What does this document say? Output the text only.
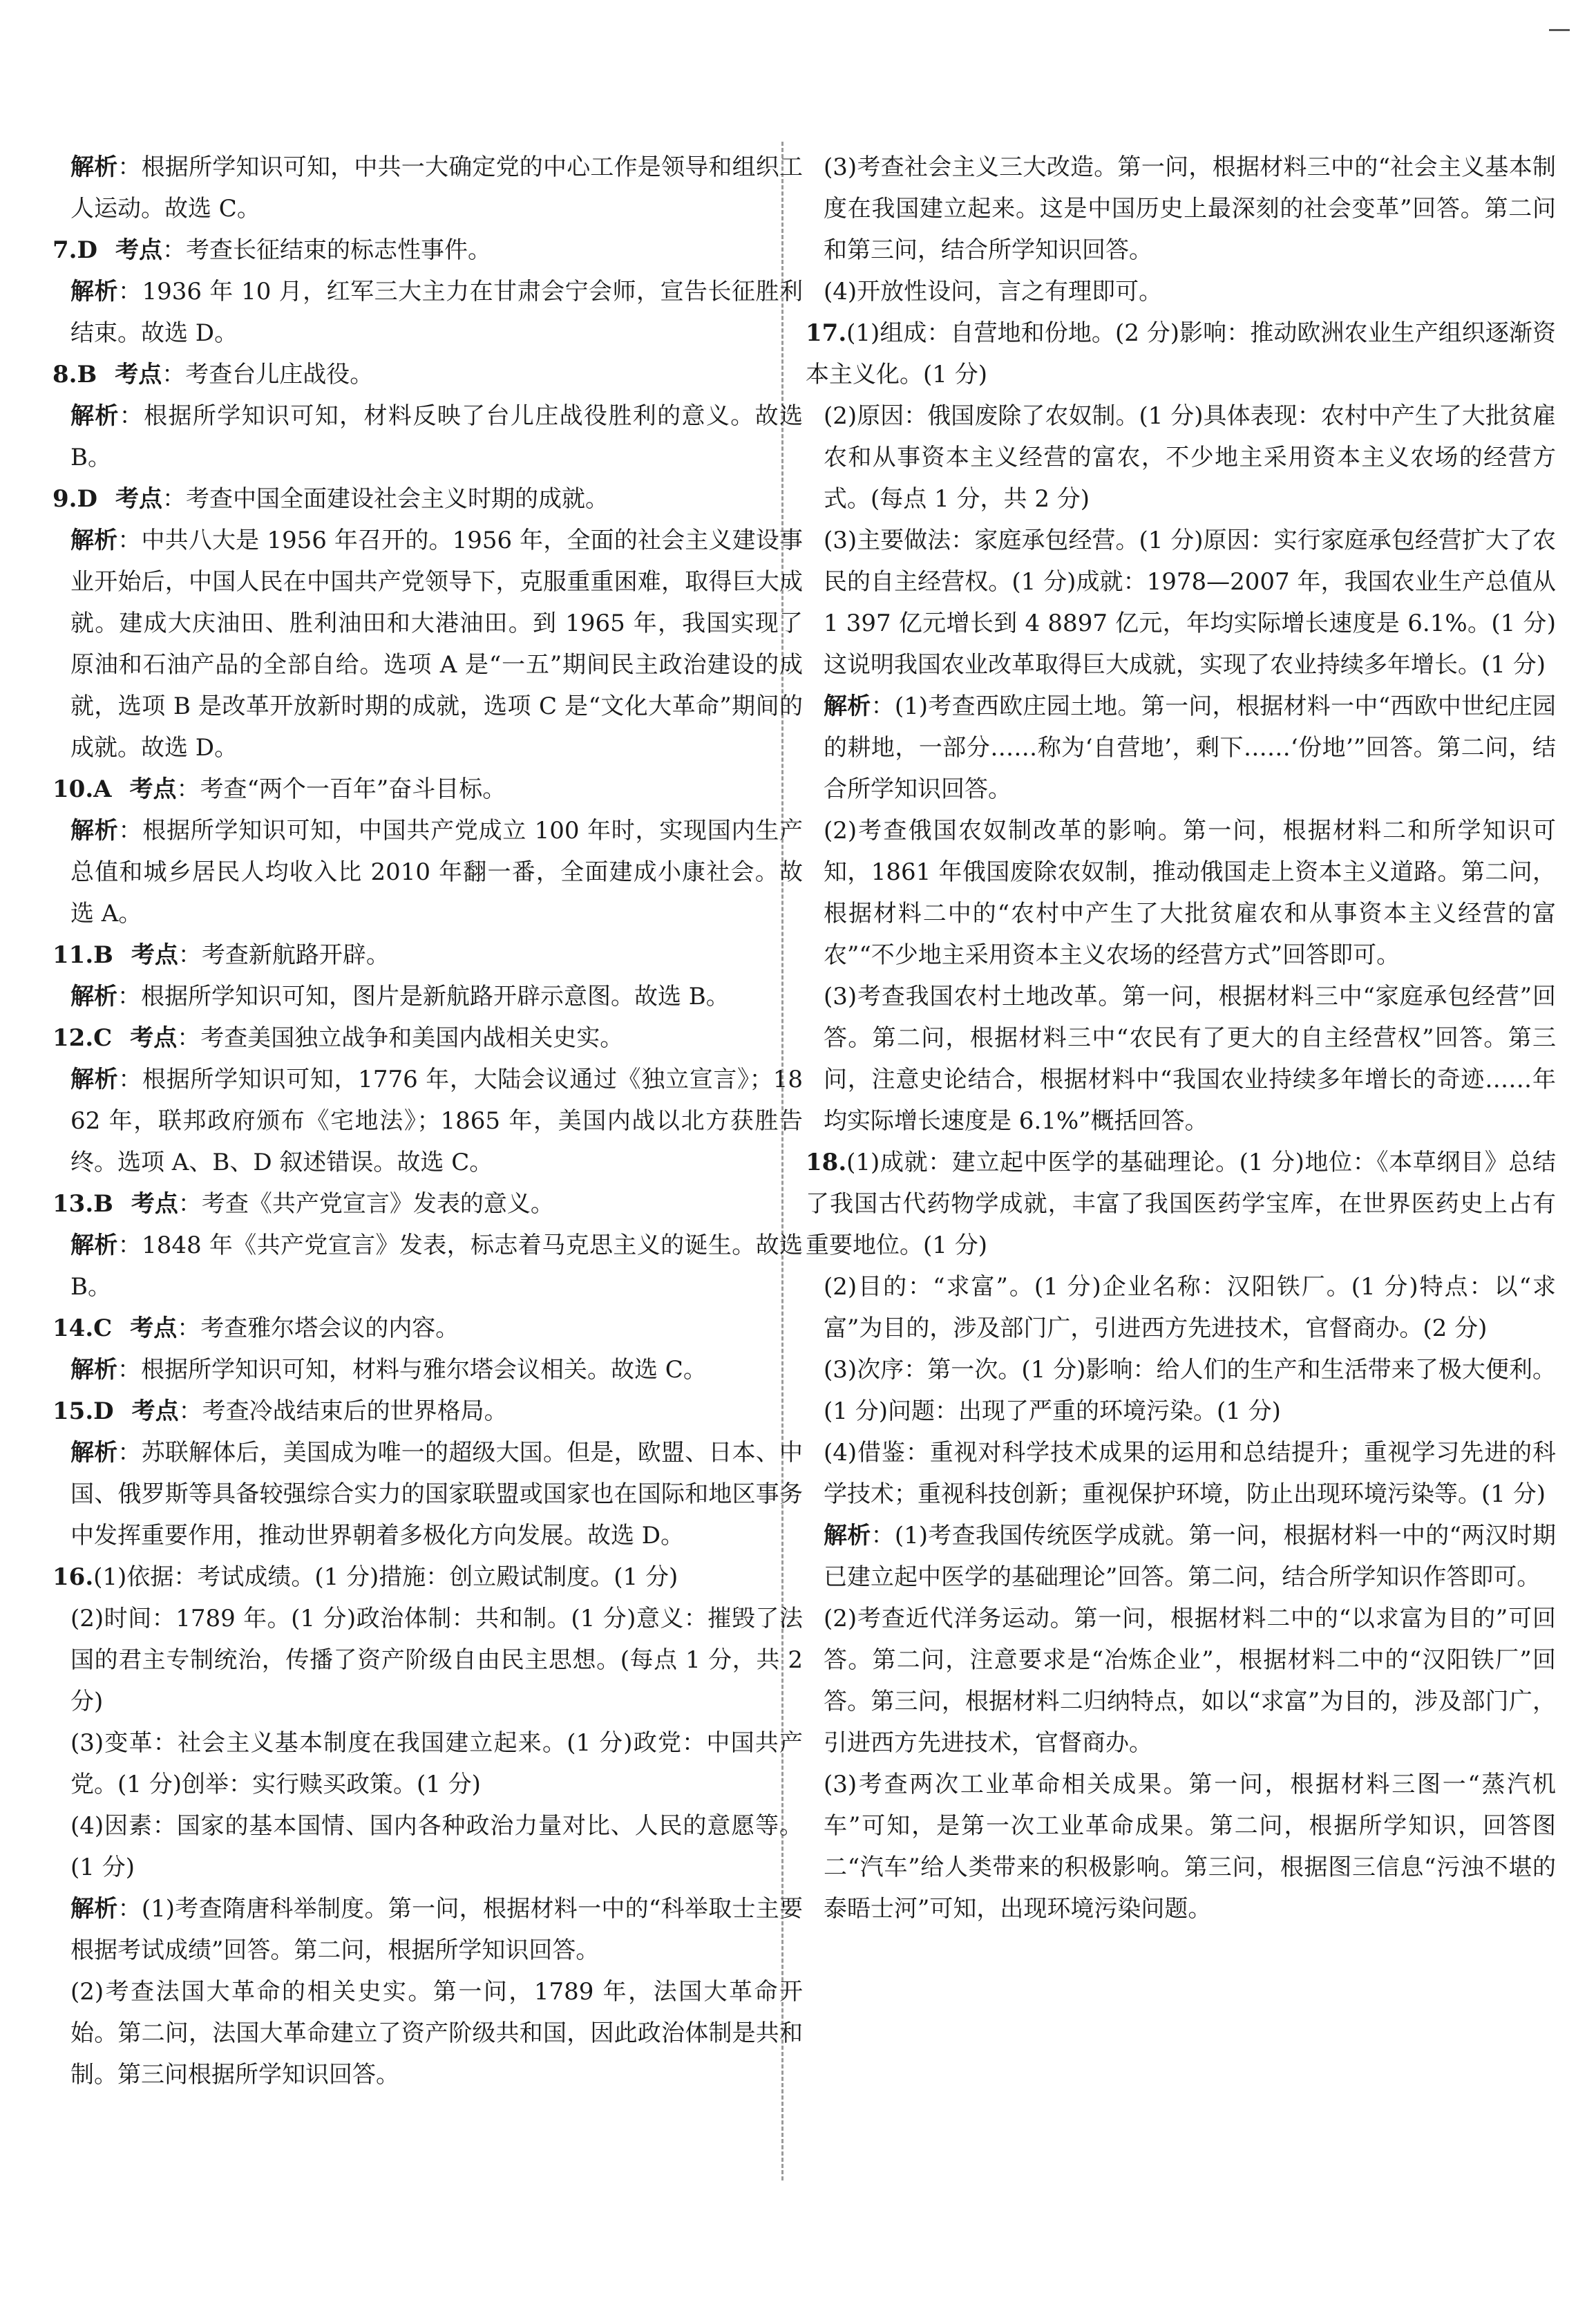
解析：根据所学知识可知，中共一大确定党的中心工作是领导和组织工人运动。故选 C。

7.D 考点：考查长征结束的标志性事件。

解析：1936 年 10 月，红军三大主力在甘肃会宁会师，宣告长征胜利结束。故选 D。

8.B 考点：考查台儿庄战役。

解析：根据所学知识可知，材料反映了台儿庄战役胜利的意义。故选 B。

9.D 考点：考查中国全面建设社会主义时期的成就。

解析：中共八大是 1956 年召开的。1956 年，全面的社会主义建设事业开始后，中国人民在中国共产党领导下，克服重重困难，取得巨大成就。建成大庆油田、胜利油田和大港油田。到 1965 年，我国实现了原油和石油产品的全部自给。选项 A 是“一五”期间民主政治建设的成就，选项 B 是改革开放新时期的成就，选项 C 是“文化大革命”期间的成就。故选 D。

10.A 考点：考查“两个一百年”奋斗目标。

解析：根据所学知识可知，中国共产党成立 100 年时，实现国内生产总值和城乡居民人均收入比 2010 年翻一番，全面建成小康社会。故选 A。

11.B 考点：考查新航路开辟。

解析：根据所学知识可知，图片是新航路开辟示意图。故选 B。

12.C 考点：考查美国独立战争和美国内战相关史实。

解析：根据所学知识可知，1776 年，大陆会议通过《独立宣言》；1862 年，联邦政府颁布《宅地法》；1865 年，美国内战以北方获胜告终。选项 A、B、D 叙述错误。故选 C。

13.B 考点：考查《共产党宣言》发表的意义。

解析：1848 年《共产党宣言》发表，标志着马克思主义的诞生。故选 B。

14.C 考点：考查雅尔塔会议的内容。

解析：根据所学知识可知，材料与雅尔塔会议相关。故选 C。

15.D 考点：考查冷战结束后的世界格局。

解析：苏联解体后，美国成为唯一的超级大国。但是，欧盟、日本、中国、俄罗斯等具备较强综合实力的国家联盟或国家也在国际和地区事务中发挥重要作用，推动世界朝着多极化方向发展。故选 D。

16.(1)依据：考试成绩。(1 分)措施：创立殿试制度。(1 分)

(2)时间：1789 年。(1 分)政治体制：共和制。(1 分)意义：摧毁了法国的君主专制统治，传播了资产阶级自由民主思想。(每点 1 分，共 2 分)

(3)变革：社会主义基本制度在我国建立起来。(1 分)政党：中国共产党。(1 分)创举：实行赎买政策。(1 分)

(4)因素：国家的基本国情、国内各种政治力量对比、人民的意愿等。(1 分)

解析：(1)考查隋唐科举制度。第一问，根据材料一中的“科举取士主要根据考试成绩”回答。第二问，根据所学知识回答。

(2)考查法国大革命的相关史实。第一问，1789 年，法国大革命开始。第二问，法国大革命建立了资产阶级共和国，因此政治体制是共和制。第三问根据所学知识回答。

(3)考查社会主义三大改造。第一问，根据材料三中的“社会主义基本制度在我国建立起来。这是中国历史上最深刻的社会变革”回答。第二问和第三问，结合所学知识回答。

(4)开放性设问，言之有理即可。

17.(1)组成：自营地和份地。(2 分)影响：推动欧洲农业生产组织逐渐资本主义化。(1 分)

(2)原因：俄国废除了农奴制。(1 分)具体表现：农村中产生了大批贫雇农和从事资本主义经营的富农，不少地主采用资本主义农场的经营方式。(每点 1 分，共 2 分)

(3)主要做法：家庭承包经营。(1 分)原因：实行家庭承包经营扩大了农民的自主经营权。(1 分)成就：1978—2007 年，我国农业生产总值从 1 397 亿元增长到 4 8897 亿元，年均实际增长速度是 6.1%。(1 分)这说明我国农业改革取得巨大成就，实现了农业持续多年增长。(1 分)

解析：(1)考查西欧庄园土地。第一问，根据材料一中“西欧中世纪庄园的耕地，一部分……称为‘自营地’，剩下……‘份地’”回答。第二问，结合所学知识回答。

(2)考查俄国农奴制改革的影响。第一问，根据材料二和所学知识可知，1861 年俄国废除农奴制，推动俄国走上资本主义道路。第二问，根据材料二中的“农村中产生了大批贫雇农和从事资本主义经营的富农”“不少地主采用资本主义农场的经营方式”回答即可。

(3)考查我国农村土地改革。第一问，根据材料三中“家庭承包经营”回答。第二问，根据材料三中“农民有了更大的自主经营权”回答。第三问，注意史论结合，根据材料中“我国农业持续多年增长的奇迹……年均实际增长速度是 6.1%”概括回答。

18.(1)成就：建立起中医学的基础理论。(1 分)地位：《本草纲目》总结了我国古代药物学成就，丰富了我国医药学宝库，在世界医药史上占有重要地位。(1 分)

(2)目的：“求富”。(1 分)企业名称：汉阳铁厂。(1 分)特点：以“求富”为目的，涉及部门广，引进西方先进技术，官督商办。(2 分)

(3)次序：第一次。(1 分)影响：给人们的生产和生活带来了极大便利。(1 分)问题：出现了严重的环境污染。(1 分)

(4)借鉴：重视对科学技术成果的运用和总结提升；重视学习先进的科学技术；重视科技创新；重视保护环境，防止出现环境污染等。(1 分)

解析：(1)考查我国传统医学成就。第一问，根据材料一中的“两汉时期已建立起中医学的基础理论”回答。第二问，结合所学知识作答即可。

(2)考查近代洋务运动。第一问，根据材料二中的“以求富为目的”可回答。第二问，注意要求是“冶炼企业”，根据材料二中的“汉阳铁厂”回答。第三问，根据材料二归纳特点，如以“求富”为目的，涉及部门广，引进西方先进技术，官督商办。

(3)考查两次工业革命相关成果。第一问，根据材料三图一“蒸汽机车”可知，是第一次工业革命成果。第二问，根据所学知识，回答图二“汽车”给人类带来的积极影响。第三问，根据图三信息“污浊不堪的泰晤士河”可知，出现环境污染问题。
